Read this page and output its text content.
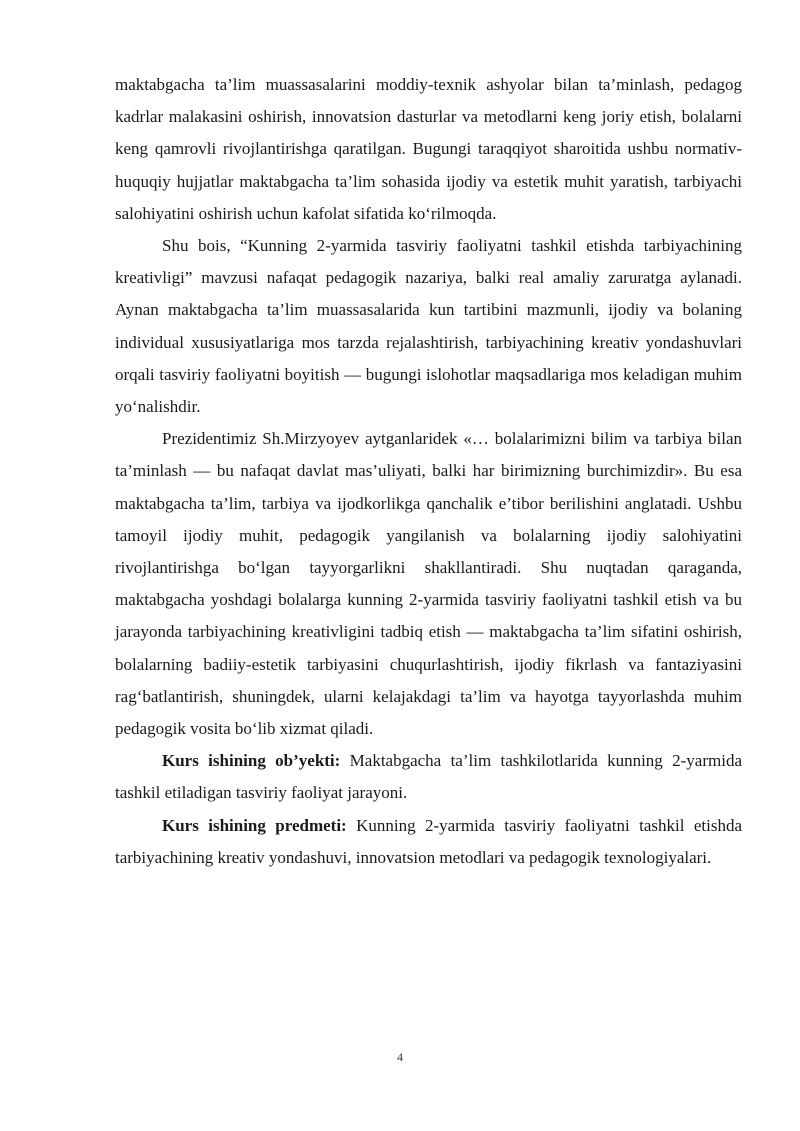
maktabgacha ta’lim muassasalarini moddiy-texnik ashyolar bilan ta’minlash, pedagog kadrlar malakasini oshirish, innovatsion dasturlar va metodlarni keng joriy etish, bolalarni keng qamrovli rivojlantirishga qaratilgan. Bugungi taraqqiyot sharoitida ushbu normativ-huquqiy hujjatlar maktabgacha ta’lim sohasida ijodiy va estetik muhit yaratish, tarbiyachi salohiyatini oshirish uchun kafolat sifatida ko‘rilmoqda.

Shu bois, “Kunning 2-yarmida tasviriy faoliyatni tashkil etishda tarbiyachining kreativligi” mavzusi nafaqat pedagogik nazariya, balki real amaliy zaruratga aylanadi. Aynan maktabgacha ta’lim muassasalarida kun tartibini mazmunli, ijodiy va bolaning individual xususiyatlariga mos tarzda rejalashtirish, tarbiyachining kreativ yondashuvlari orqali tasviriy faoliyatni boyitish — bugungi islohotlar maqsadlariga mos keladigan muhim yo‘nalishdir.

Prezidentimiz Sh.Mirzyoyev aytganlaridek «… bolalarimizni bilim va tarbiya bilan ta’minlash — bu nafaqat davlat mas’uliyati, balki har birimizning burchimizdir». Bu esa maktabgacha ta’lim, tarbiya va ijodkorlikga qanchalik e’tibor berilishini anglatadi. Ushbu tamoyil ijodiy muhit, pedagogik yangilanish va bolalarning ijodiy salohiyatini rivojlantirishga bo‘lgan tayyorgarlikni shakllantiradi. Shu nuqtadan qaraganda, maktabgacha yoshdagi bolalarga kunning 2-yarmida tasviriy faoliyatni tashkil etish va bu jarayonda tarbiyachining kreativligini tadbiq etish — maktabgacha ta’lim sifatini oshirish, bolalarning badiiy-estetik tarbiyasini chuqurlashtirish, ijodiy fikrlash va fantaziyasini rag‘batlantirish, shuningdek, ularni kelajakdagi ta’lim va hayotga tayyorlashda muhim pedagogik vosita bo‘lib xizmat qiladi.

Kurs ishining ob’yekti: Maktabgacha ta’lim tashkilotlarida kunning 2-yarmida tashkil etiladigan tasviriy faoliyat jarayoni.

Kurs ishining predmeti: Kunning 2-yarmida tasviriy faoliyatni tashkil etishda tarbiyachining kreativ yondashuvi, innovatsion metodlari va pedagogik texnologiyalari.

4
